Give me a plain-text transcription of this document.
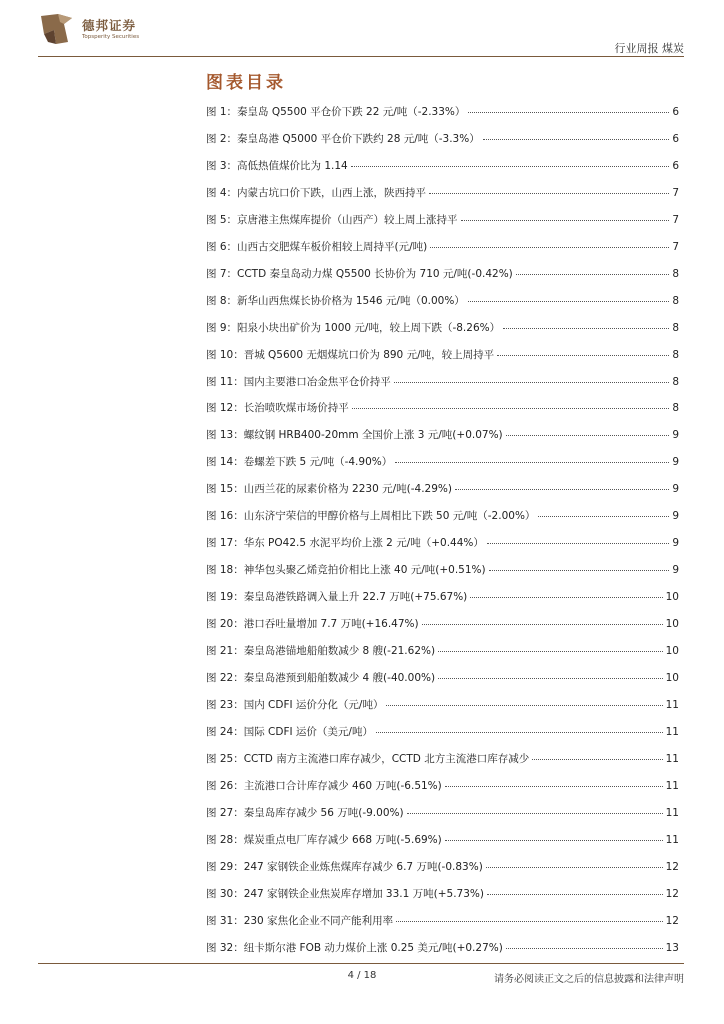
德邦证券
Topsperity Securities
行业周报 煤炭
图表目录
图 1：秦皇岛 Q5500 平仓价下跌 22 元/吨（-2.33%）	6
图 2：秦皇岛港 Q5000 平仓价下跌约 28 元/吨（-3.3%）	6
图 3：高低热值煤价比为 1.14	6
图 4：内蒙古坑口价下跌，山西上涨，陕西持平	7
图 5：京唐港主焦煤库提价（山西产）较上周上涨持平	7
图 6：山西古交肥煤车板价相较上周持平(元/吨)	7
图 7：CCTD 秦皇岛动力煤 Q5500 长协价为 710 元/吨(-0.42%)	8
图 8：新华山西焦煤长协价格为 1546 元/吨（0.00%）	8
图 9：阳泉小块出矿价为 1000 元/吨，较上周下跌（-8.26%）	8
图 10：晋城 Q5600 无烟煤坑口价为 890 元/吨，较上周持平	8
图 11：国内主要港口冶金焦平仓价持平	8
图 12：长治喷吹煤市场价持平	8
图 13：螺纹钢 HRB400-20mm 全国价上涨 3 元/吨(+0.07%)	9
图 14：卷螺差下跌 5 元/吨（-4.90%）	9
图 15：山西兰花的尿素价格为 2230 元/吨(-4.29%)	9
图 16：山东济宁荣信的甲醇价格与上周相比下跌 50 元/吨（-2.00%）	9
图 17：华东 PO42.5 水泥平均价上涨 2 元/吨（+0.44%）	9
图 18：神华包头聚乙烯竞拍价相比上涨 40 元/吨(+0.51%)	9
图 19：秦皇岛港铁路调入量上升 22.7 万吨(+75.67%)	10
图 20：港口吞吐量增加 7.7 万吨(+16.47%)	10
图 21：秦皇岛港锚地船舶数减少 8 艘(-21.62%)	10
图 22：秦皇岛港预到船舶数减少 4 艘(-40.00%)	10
图 23：国内 CDFI 运价分化（元/吨）	11
图 24：国际 CDFI 运价（美元/吨）	11
图 25：CCTD 南方主流港口库存减少，CCTD 北方主流港口库存减少	11
图 26：主流港口合计库存减少 460 万吨(-6.51%)	11
图 27：秦皇岛库存减少 56 万吨(-9.00%)	11
图 28：煤炭重点电厂库存减少 668 万吨(-5.69%)	11
图 29：247 家钢铁企业炼焦煤库存减少 6.7 万吨(-0.83%)	12
图 30：247 家钢铁企业焦炭库存增加 33.1 万吨(+5.73%)	12
图 31：230 家焦化企业不同产能利用率	12
图 32：纽卡斯尔港 FOB 动力煤价上涨 0.25 美元/吨(+0.27%)	13
4 / 18	请务必阅读正文之后的信息披露和法律声明
